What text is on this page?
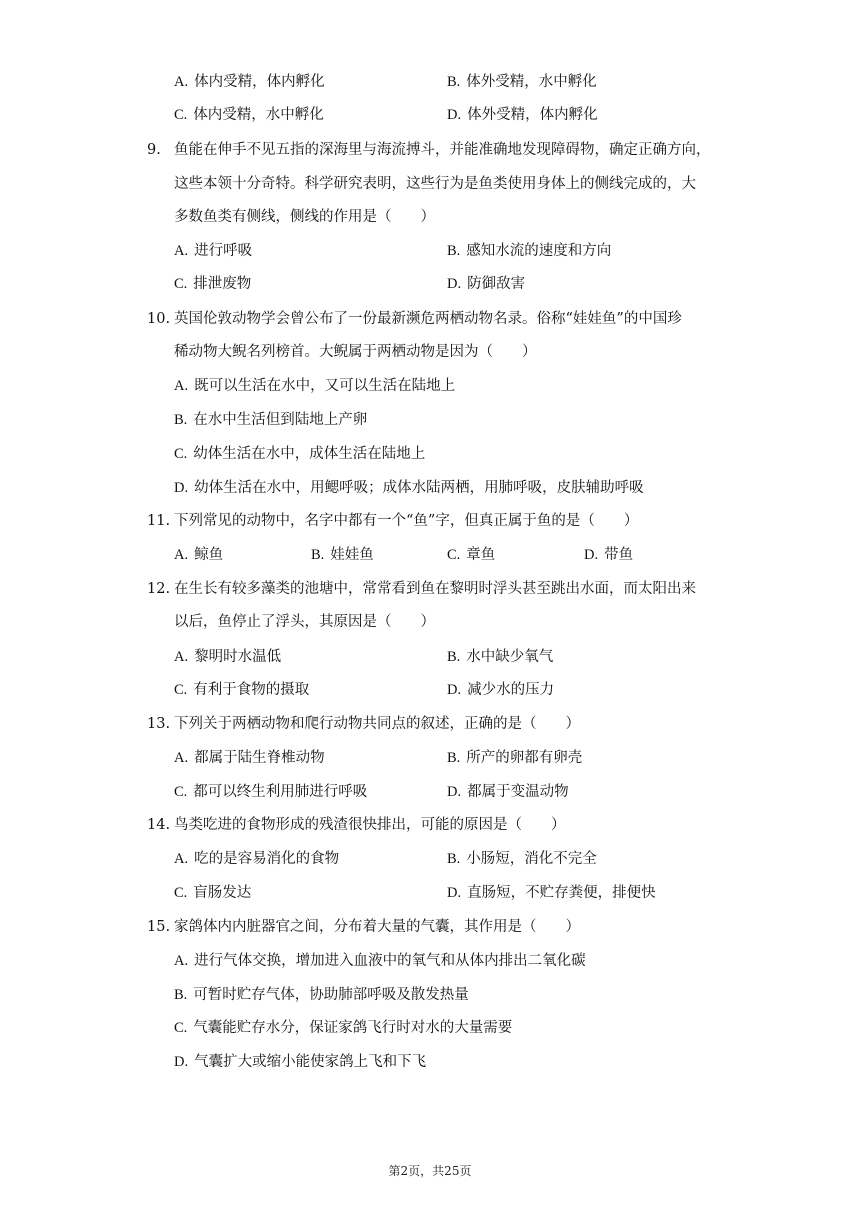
A. 体内受精，体内孵化	B. 体外受精，水中孵化
C. 体内受精，水中孵化	D. 体外受精，体内孵化
9. 鱼能在伸手不见五指的深海里与海流搏斗，并能准确地发现障碍物，确定正确方向，
这些本领十分奇特。科学研究表明，这些行为是鱼类使用身体上的侧线完成的，大
多数鱼类有侧线，侧线的作用是（　　）
A. 进行呼吸	B. 感知水流的速度和方向
C. 排泄废物	D. 防御敌害
10. 英国伦敦动物学会曾公布了一份最新濒危两栖动物名录。俗称“娃娃鱼”的中国珍
稀动物大鲵名列榜首。大鲵属于两栖动物是因为（　　）
A. 既可以生活在水中，又可以生活在陆地上
B. 在水中生活但到陆地上产卵
C. 幼体生活在水中，成体生活在陆地上
D. 幼体生活在水中，用鳃呼吸；成体水陆两栖，用肺呼吸，皮肤辅助呼吸
11. 下列常见的动物中，名字中都有一个“鱼”字，但真正属于鱼的是（　　）
A. 鲸鱼	B. 娃娃鱼	C. 章鱼	D. 带鱼
12. 在生长有较多藻类的池塘中，常常看到鱼在黎明时浮头甚至跳出水面，而太阳出来
以后，鱼停止了浮头，其原因是（　　）
A. 黎明时水温低	B. 水中缺少氧气
C. 有利于食物的摄取	D. 减少水的压力
13. 下列关于两栖动物和爬行动物共同点的叙述，正确的是（　　）
A. 都属于陆生脊椎动物	B. 所产的卵都有卵壳
C. 都可以终生利用肺进行呼吸	D. 都属于变温动物
14. 鸟类吃进的食物形成的残渣很快排出，可能的原因是（　　）
A. 吃的是容易消化的食物	B. 小肠短，消化不完全
C. 盲肠发达	D. 直肠短，不贮存粪便，排便快
15. 家鸽体内内脏器官之间，分布着大量的气囊，其作用是（　　）
A. 进行气体交换，增加进入血液中的氧气和从体内排出二氧化碳
B. 可暂时贮存气体，协助肺部呼吸及散发热量
C. 气囊能贮存水分，保证家鸽飞行时对水的大量需要
D. 气囊扩大或缩小能使家鸽上飞和下飞
第2页，共25页
